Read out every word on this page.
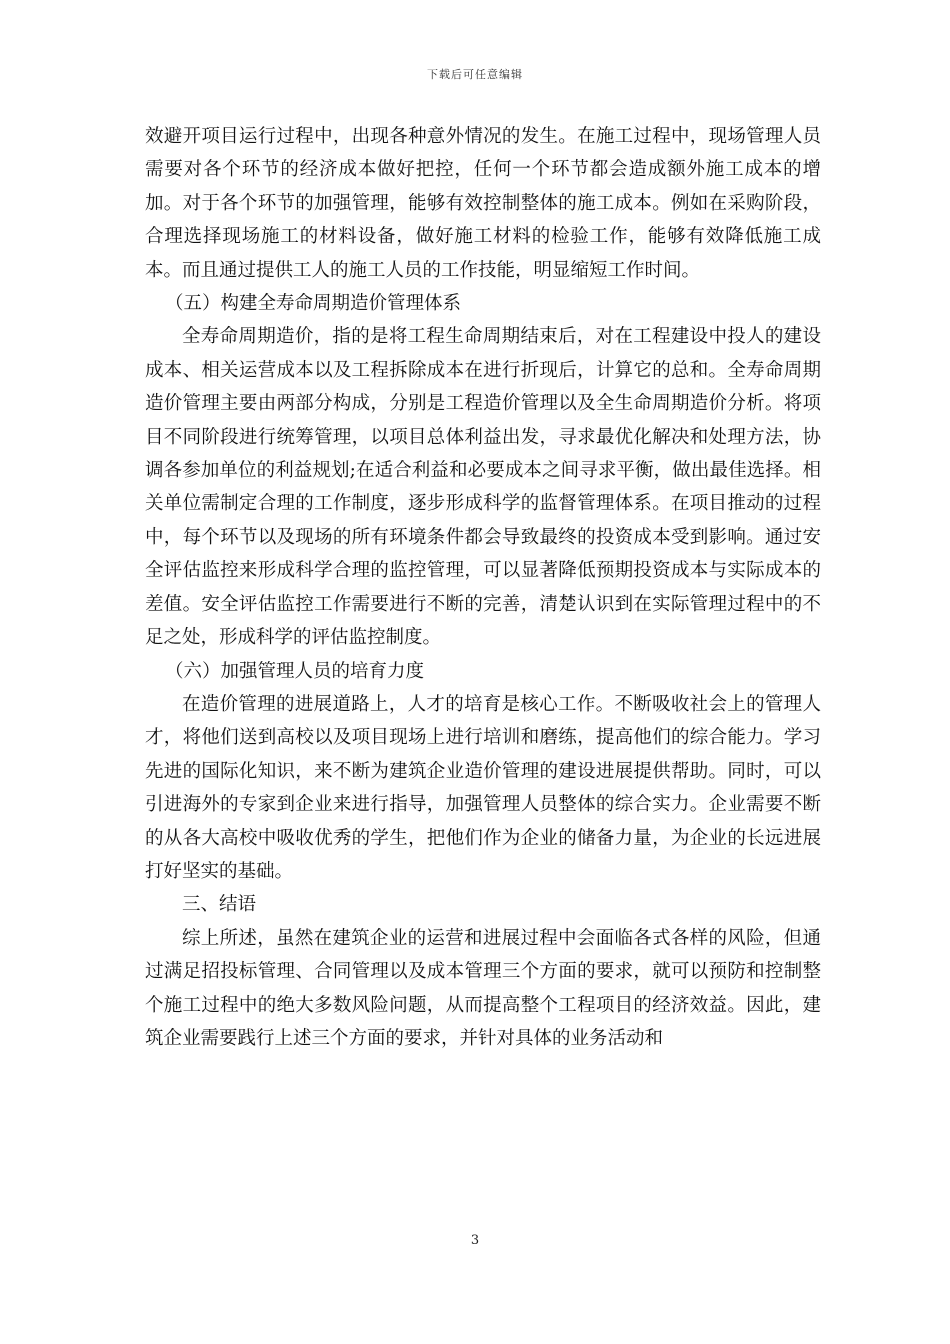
下载后可任意编辑

效避开项目运行过程中，出现各种意外情况的发生。在施工过程中，现场管理人员需要对各个环节的经济成本做好把控，任何一个环节都会造成额外施工成本的增加。对于各个环节的加强管理，能够有效控制整体的施工成本。例如在采购阶段，合理选择现场施工的材料设备，做好施工材料的检验工作，能够有效降低施工成本。而且通过提供工人的施工人员的工作技能，明显缩短工作时间。

（五）构建全寿命周期造价管理体系

全寿命周期造价，指的是将工程生命周期结束后，对在工程建设中投人的建设成本、相关运营成本以及工程拆除成本在进行折现后，计算它的总和。全寿命周期造价管理主要由两部分构成，分别是工程造价管理以及全生命周期造价分析。将项目不同阶段进行统筹管理，以项目总体利益出发，寻求最优化解决和处理方法，协调各参加单位的利益规划;在适合利益和必要成本之间寻求平衡，做出最佳选择。相关单位需制定合理的工作制度，逐步形成科学的监督管理体系。在项目推动的过程中，每个环节以及现场的所有环境条件都会导致最终的投资成本受到影响。通过安全评估监控来形成科学合理的监控管理，可以显著降低预期投资成本与实际成本的差值。安全评估监控工作需要进行不断的完善，清楚认识到在实际管理过程中的不足之处，形成科学的评估监控制度。

（六）加强管理人员的培育力度

在造价管理的进展道路上，人才的培育是核心工作。不断吸收社会上的管理人才，将他们送到高校以及项目现场上进行培训和磨练，提高他们的综合能力。学习先进的国际化知识，来不断为建筑企业造价管理的建设进展提供帮助。同时，可以引进海外的专家到企业来进行指导，加强管理人员整体的综合实力。企业需要不断的从各大高校中吸收优秀的学生，把他们作为企业的储备力量，为企业的长远进展打好坚实的基础。

三、结语

综上所述，虽然在建筑企业的运营和进展过程中会面临各式各样的风险，但通过满足招投标管理、合同管理以及成本管理三个方面的要求，就可以预防和控制整个施工过程中的绝大多数风险问题，从而提高整个工程项目的经济效益。因此，建筑企业需要践行上述三个方面的要求，并针对具体的业务活动和

3
